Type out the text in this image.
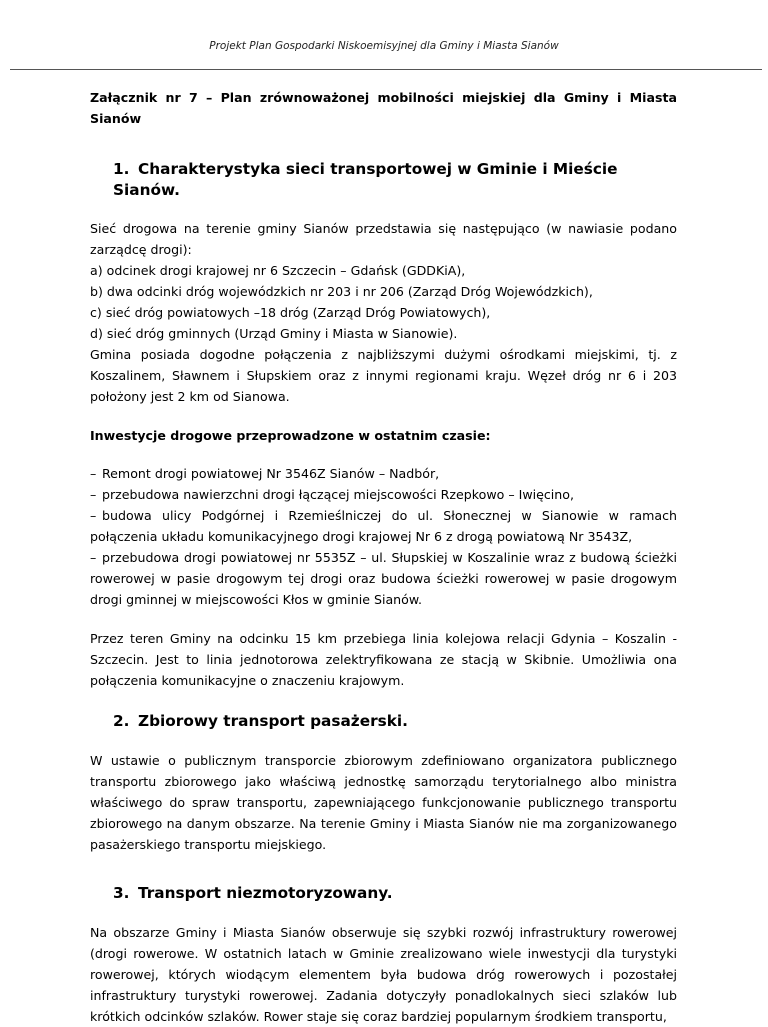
Projekt Plan Gospodarki Niskoemisyjnej dla Gminy i Miasta Sianów

Załącznik nr 7 – Plan zrównoważonej mobilności miejskiej dla Gminy i Miasta Sianów

1. Charakterystyka sieci transportowej w Gminie i Mieście Sianów.

Sieć drogowa na terenie gminy Sianów przedstawia się następująco (w nawiasie podano zarządcę drogi):

a) odcinek drogi krajowej nr 6 Szczecin – Gdańsk (GDDKiA),
b) dwa odcinki dróg wojewódzkich nr 203 i nr 206 (Zarząd Dróg Wojewódzkich),
c) sieć dróg powiatowych –18 dróg (Zarząd Dróg Powiatowych),
d) sieć dróg gminnych (Urząd Gminy i Miasta w Sianowie).

Gmina posiada dogodne połączenia z najbliższymi dużymi ośrodkami miejskimi, tj. z Koszalinem, Sławnem i Słupskiem oraz z innymi regionami kraju. Węzeł dróg nr 6 i 203 położony jest 2 km od Sianowa.

Inwestycje drogowe przeprowadzone w ostatnim czasie:

– Remont drogi powiatowej Nr 3546Z Sianów – Nadbór,

– przebudowa nawierzchni drogi łączącej miejscowości Rzepkowo – Iwięcino,

– budowa ulicy Podgórnej i Rzemieślniczej do ul. Słonecznej w Sianowie w ramach połączenia układu komunikacyjnego drogi krajowej Nr 6 z drogą powiatową Nr 3543Z,

– przebudowa drogi powiatowej nr 5535Z – ul. Słupskiej w Koszalinie wraz z budową ścieżki rowerowej w pasie drogowym tej drogi oraz budowa ścieżki rowerowej w pasie drogowym drogi gminnej w miejscowości Kłos w gminie Sianów.

Przez teren Gminy na odcinku 15 km przebiega linia kolejowa relacji Gdynia – Koszalin - Szczecin. Jest to linia jednotorowa zelektryfikowana ze stacją w Skibnie. Umożliwia ona połączenia komunikacyjne o znaczeniu krajowym.

2. Zbiorowy transport pasażerski.

W ustawie o publicznym transporcie zbiorowym zdefiniowano organizatora publicznego transportu zbiorowego jako właściwą jednostkę samorządu terytorialnego albo ministra właściwego do spraw transportu, zapewniającego funkcjonowanie publicznego transportu zbiorowego na danym obszarze. Na terenie Gminy i Miasta Sianów nie ma zorganizowanego pasażerskiego transportu miejskiego.

3. Transport niezmotoryzowany.

Na obszarze Gminy i Miasta Sianów obserwuje się szybki rozwój infrastruktury rowerowej (drogi rowerowe. W ostatnich latach w Gminie zrealizowano wiele inwestycji dla turystyki rowerowej, których wiodącym elementem była budowa dróg rowerowych i pozostałej infrastruktury turystyki rowerowej. Zadania dotyczyły ponadlokalnych sieci szlaków lub krótkich odcinków szlaków. Rower staje się coraz bardziej popularnym środkiem transportu,
